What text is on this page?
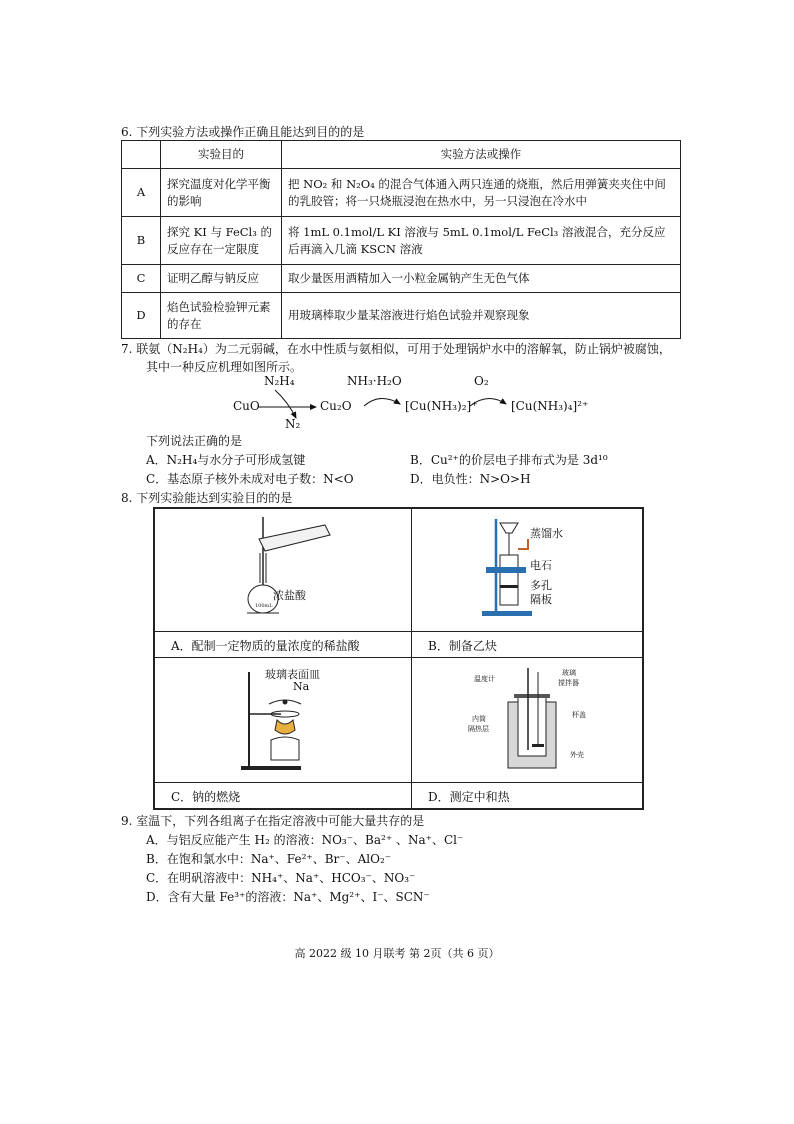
6. 下列实验方法或操作正确且能达到目的的是
	实验目的	实验方法或操作
A	探究温度对化学平衡的影响	把 NO₂ 和 N₂O₄ 的混合气体通入两只连通的烧瓶，然后用弹簧夹夹住中间的乳胶管；将一只烧瓶浸泡在热水中，另一只浸泡在冷水中
B	探究 KI 与 FeCl₃ 的反应存在一定限度	将 1mL 0.1mol/L KI 溶液与 5mL 0.1mol/L FeCl₃ 溶液混合，充分反应后再滴入几滴 KSCN 溶液
C	证明乙醇与钠反应	取少量医用酒精加入一小粒金属钠产生无色气体
D	焰色试验检验钾元素的存在	用玻璃棒取少量某溶液进行焰色试验并观察现象
7. 联氨（N₂H₄）为二元弱碱，在水中性质与氨相似，可用于处理锅炉水中的溶解氧，防止锅炉被腐蚀，
其中一种反应机理如图所示。
CuO
N₂H₄
N₂
Cu₂O
NH₃·H₂O
[Cu(NH₃)₂]⁺
O₂
[Cu(NH₃)₄]²⁺
下列说法正确的是
A．N₂H₄与水分子可形成氢键	B．Cu²⁺的价层电子排布式为是 3d¹⁰
C．基态原子核外未成对电子数：N<O	D．电负性：N>O>H
8. 下列实验能达到实验目的的是
100mL
浓盐酸
A．配制一定物质的量浓度的稀盐酸
蒸馏水
电石
多孔
隔板
B．制备乙炔
玻璃表面皿
Na
C．钠的燃烧
温度计
玻璃
搅拌器
内筒
隔热层
杯盖
外壳
D．测定中和热
9. 室温下，下列各组离子在指定溶液中可能大量共存的是
A．与铝反应能产生 H₂ 的溶液：NO₃⁻、Ba²⁺ 、Na⁺、Cl⁻
B．在饱和氯水中：Na⁺、Fe²⁺、Br⁻、AlO₂⁻
C．在明矾溶液中：NH₄⁺、Na⁺、HCO₃⁻、NO₃⁻
D．含有大量 Fe³⁺的溶液：Na⁺、Mg²⁺、I⁻、SCN⁻
高 2022 级 10 月联考 第 2页（共 6 页）
